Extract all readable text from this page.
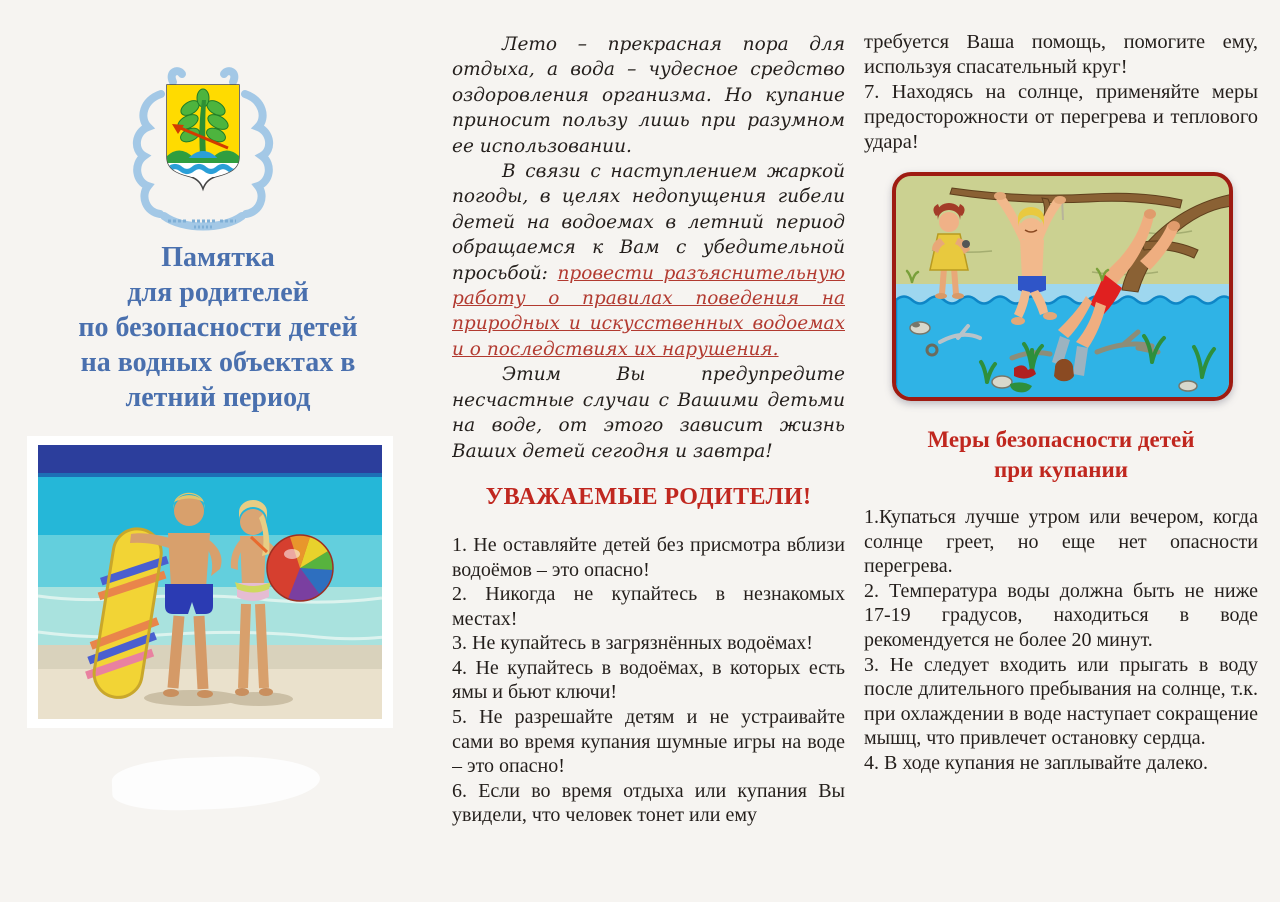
Памятка
для родителей
по безопасности детей
на водных объектах в
летний период

Лето – прекрасная пора для отдыха, а вода – чудесное средство оздоровления организма. Но купание приносит пользу лишь при разумном ее использовании.

В связи с наступлением жаркой погоды, в целях недопущения гибели детей на водоемах в летний период обращаемся к Вам с убедительной просьбой: провести разъяснительную работу о правилах поведения на природных и искусственных водоемах и о последствиях их нарушения.

Этим Вы предупредите несчастные случаи с Вашими детьми на воде, от этого зависит жизнь Ваших детей сегодня и завтра!

УВАЖАЕМЫЕ РОДИТЕЛИ!

1. Не оставляйте детей без присмотра вблизи водоёмов – это опасно!

2. Никогда не купайтесь в незнакомых местах!

3. Не купайтесь в загрязнённых водоёмах!

4. Не купайтесь в водоёмах, в которых есть ямы и бьют ключи!

5. Не разрешайте детям и не устраивайте сами во время купания шумные игры на воде – это опасно!

6. Если во время отдыха или купания Вы увидели, что человек тонет или ему

требуется Ваша помощь, помогите ему, используя спасательный круг!

7. Находясь на солнце, применяйте меры предосторожности от перегрева и теплового удара!

Меры безопасности детей
при купании

1.Купаться лучше утром или вечером, когда солнце греет, но еще нет опасности перегрева.

2. Температура воды должна быть не ниже 17-19 градусов, находиться в воде рекомендуется не более 20 минут.

3. Не следует входить или прыгать в воду после длительного пребывания на солнце, т.к. при охлаждении в воде наступает сокращение мышц, что привлечет остановку сердца.

4. В ходе купания не заплывайте далеко.
